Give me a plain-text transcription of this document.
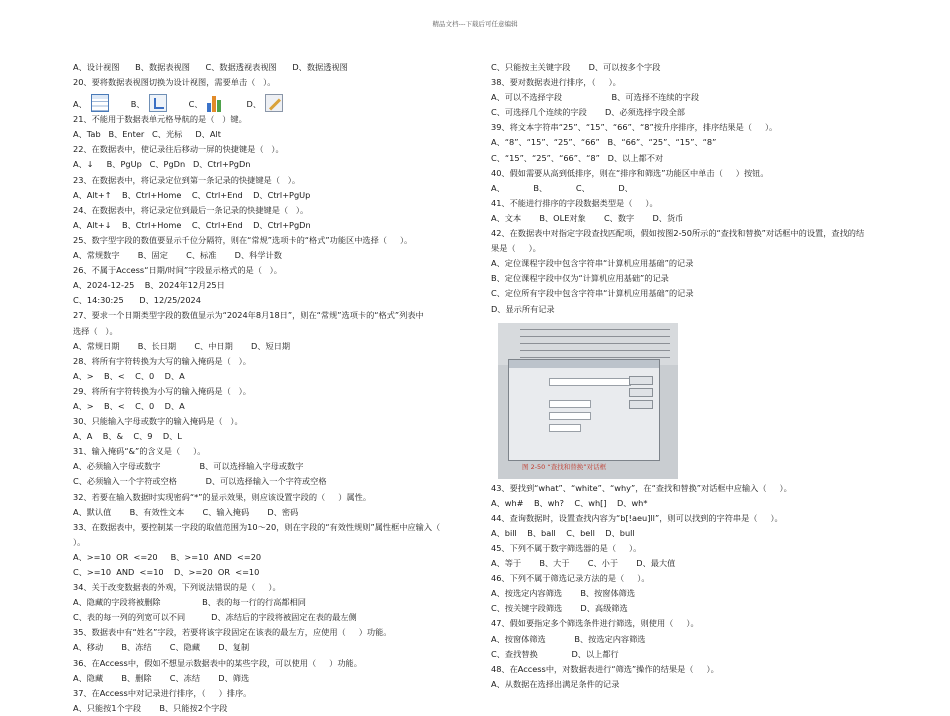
精品文档---下载后可任意编辑
A、设计视图      B、数据表视图      C、数据透视表视图      D、数据透视图
20、要将数据表视图切换为设计视图，需要单击（   ）。
A、	B、	C、	D、
21、不能用于数据表单元格导航的是（   ）键。
A、Tab   B、Enter   C、光标     D、Alt
22、在数据表中，使记录往后移动一屏的快捷键是（   ）。
A、↓     B、PgUp   C、PgDn   D、Ctrl+PgDn
23、在数据表中，将记录定位到第一条记录的快捷键是（   ）。
A、Alt+↑    B、Ctrl+Home    C、Ctrl+End    D、Ctrl+PgUp
24、在数据表中，将记录定位到最后一条记录的快捷键是（   ）。
A、Alt+↓    B、Ctrl+Home    C、Ctrl+End    D、Ctrl+PgDn
25、数字型字段的数值要显示千位分隔符，则在“常规”选项卡的“格式”功能区中选择（     ）。
A、常规数字       B、固定       C、标准       D、科学计数
26、不属于Access“日期/时间”字段显示格式的是（   ）。
A、2024-12-25    B、2024年12月25日
C、14:30:25      D、12/25/2024
27、要求一个日期类型字段的数值显示为“2024年8月18日”，则在“常规”选项卡的“格式”列表中
选择（   ）。
A、常规日期       B、长日期       C、中日期       D、短日期
28、将所有字符转换为大写的输入掩码是（   ）。
A、>    B、<    C、0    D、A
29、将所有字符转换为小写的输入掩码是（   ）。
A、>    B、<    C、0    D、A
30、只能输入字母或数字的输入掩码是（   ）。
A、A    B、&    C、9    D、L
31、输入掩码“&”的含义是（     ）。
A、必须输入字母或数字               B、可以选择输入字母或数字
C、必须输入一个字符或空格           D、可以选择输入一个字符或空格
32、若要在输入数据时实现密码“*”的显示效果，则应该设置字段的（     ）属性。
A、默认值       B、有效性文本       C、输入掩码       D、密码
33、在数据表中，要控制某一字段的取值范围为10～20，则在字段的“有效性规则”属性框中应输入（
）。
A、>=10  OR  <=20     B、>=10  AND  <=20
C、>=10  AND  <=10    D、>=20  OR  <=10
34、关于改变数据表的外观，下列说法错误的是（     ）。
A、隐藏的字段将被删除                B、表的每一行的行高都相同
C、表的每一列的列宽可以不同          D、冻结后的字段将被固定在表的最左侧
35、数据表中有“姓名”字段，若要将该字段固定在该表的最左方，应使用（     ）功能。
A、移动       B、冻结       C、隐藏       D、复制
36、在Access中，假如不想显示数据表中的某些字段，可以使用（     ）功能。
A、隐藏       B、删除       C、冻结       D、筛选
37、在Access中对记录进行排序，（     ）排序。
A、只能按1个字段       B、只能按2个字段
C、只能按主关键字段       D、可以按多个字段
38、要对数据表进行排序，（     ）。
A、可以不选择字段                   B、可选择不连续的字段
C、可选择几个连续的字段       D、必须选择字段全部
39、将文本字符串“25”、“15”、“66”、“8”按升序排序，排序结果是（     ）。
A、“8”、“15”、“25”、“66”   B、“66”、“25”、“15”、“8”
C、“15”、“25”、“66”、“8”   D、以上都不对
40、假如需要从高到低排序，则在“排序和筛选”功能区中单击（     ）按钮。
A、           B、           C、           D、
41、不能进行排序的字段数据类型是（     ）。
A、文本       B、OLE对象       C、数字       D、货币
42、在数据表中对指定字段查找匹配项，假如按图2-50所示的“查找和替换”对话框中的设置，查找的结
果是（     ）。
A、定位课程字段中包含字符串“计算机应用基础”的记录
B、定位课程字段中仅为“计算机应用基础”的记录
C、定位所有字段中包含字符串“计算机应用基础”的记录
D、显示所有记录
图 2-50 “查找和替换”对话框
43、要找到“what”、“white”、“why”，在“查找和替换”对话框中应输入（     ）。
A、wh#    B、wh?    C、wh[]    D、wh*
44、查询数据时，设置查找内容为“b[!aeu]ll”，则可以找到的字符串是（     ）。
A、bill    B、ball    C、bell    D、bull
45、下列不属于数字筛选器的是（     ）。
A、等于       B、大于       C、小于       D、最大值
46、下列不属于筛选记录方法的是（     ）。
A、按选定内容筛选       B、按窗体筛选
C、按关键字段筛选       D、高级筛选
47、假如要指定多个筛选条件进行筛选，则使用（     ）。
A、按窗体筛选           B、按选定内容筛选
C、查找替换             D、以上都行
48、在Access中，对数据表进行“筛选”操作的结果是（     ）。
A、从数据在选择出满足条件的记录
